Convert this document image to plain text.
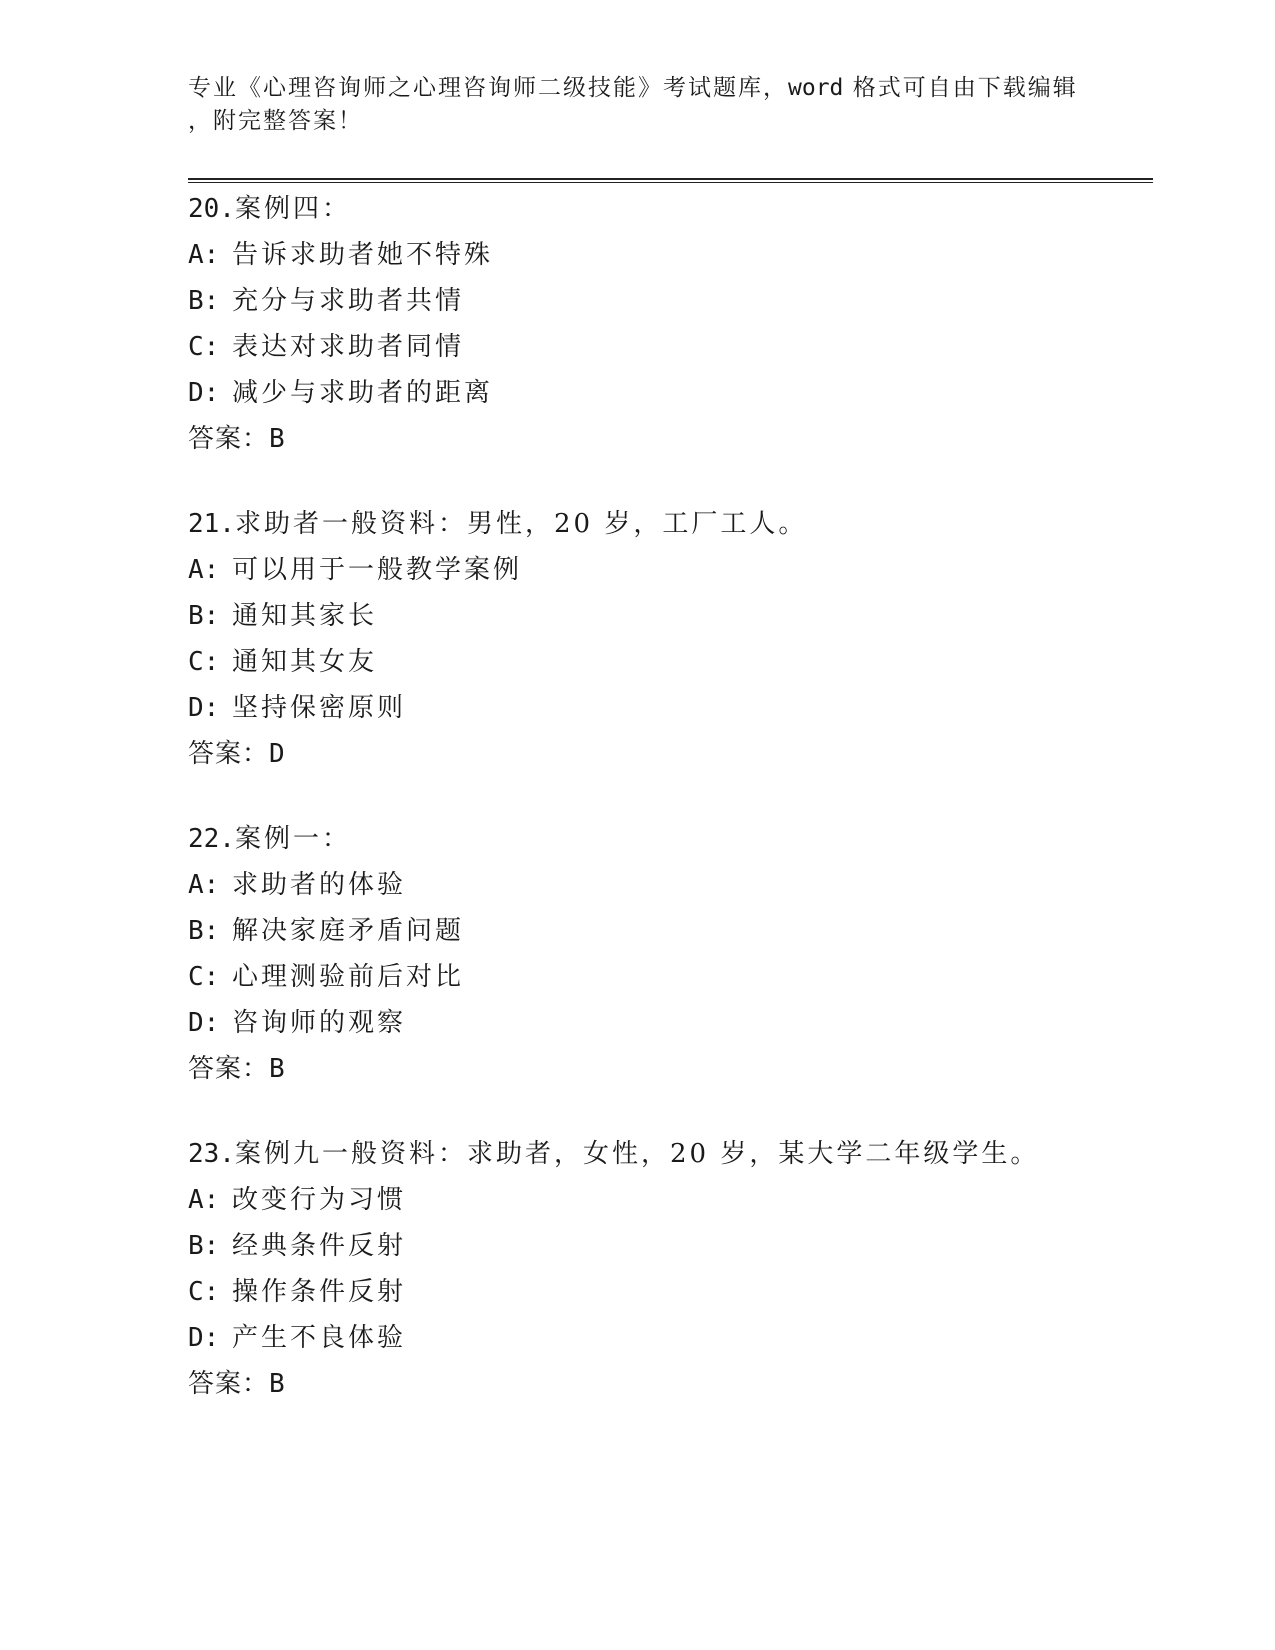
专业《心理咨询师之心理咨询师二级技能》考试题库，word 格式可自由下载编辑
，附完整答案！
20.案例四：
A: 告诉求助者她不特殊
B: 充分与求助者共情
C: 表达对求助者同情
D: 减少与求助者的距离
答案：B
21.求助者一般资料：男性，20 岁，工厂工人。
A: 可以用于一般教学案例
B: 通知其家长
C: 通知其女友
D: 坚持保密原则
答案：D
22.案例一：
A: 求助者的体验
B: 解决家庭矛盾问题
C: 心理测验前后对比
D: 咨询师的观察
答案：B
23.案例九一般资料：求助者，女性，20 岁，某大学二年级学生。
A: 改变行为习惯
B: 经典条件反射
C: 操作条件反射
D: 产生不良体验
答案：B
